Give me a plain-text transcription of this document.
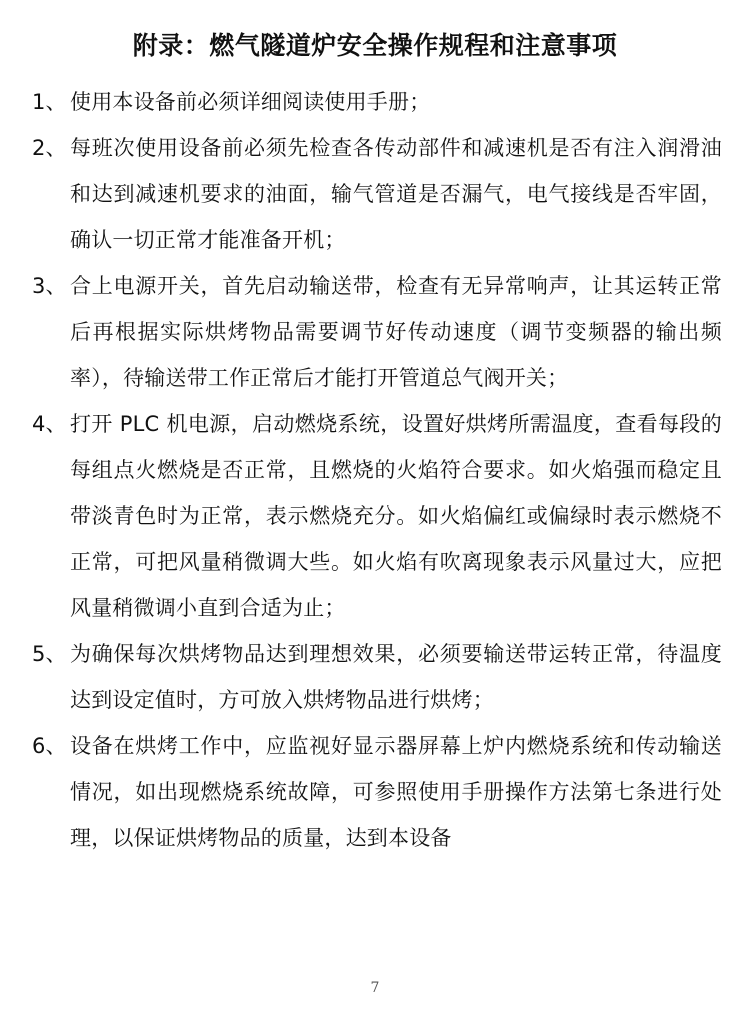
附录：燃气隧道炉安全操作规程和注意事项
1、 使用本设备前必须详细阅读使用手册；
2、 每班次使用设备前必须先检查各传动部件和减速机是否有注入润滑油和达到减速机要求的油面，输气管道是否漏气，电气接线是否牢固，确认一切正常才能准备开机；
3、 合上电源开关，首先启动输送带，检查有无异常响声，让其运转正常后再根据实际烘烤物品需要调节好传动速度（调节变频器的输出频率），待输送带工作正常后才能打开管道总气阀开关；
4、 打开 PLC 机电源，启动燃烧系统，设置好烘烤所需温度，查看每段的每组点火燃烧是否正常，且燃烧的火焰符合要求。如火焰强而稳定且带淡青色时为正常，表示燃烧充分。如火焰偏红或偏绿时表示燃烧不正常，可把风量稍微调大些。如火焰有吹离现象表示风量过大，应把风量稍微调小直到合适为止；
5、 为确保每次烘烤物品达到理想效果，必须要输送带运转正常，待温度达到设定值时，方可放入烘烤物品进行烘烤；
6、 设备在烘烤工作中，应监视好显示器屏幕上炉内燃烧系统和传动输送情况，如出现燃烧系统故障，可参照使用手册操作方法第七条进行处理，以保证烘烤物品的质量，达到本设备
7
